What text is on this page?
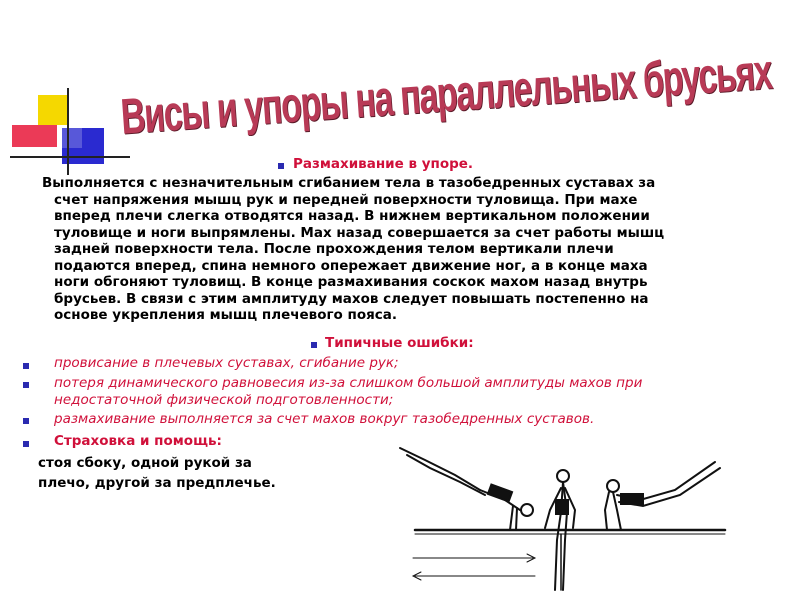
Висы и упоры на параллельных брусьях
Размахивание в упоре.
Выполняется с незначительным сгибанием тела в тазобедренных суставах за
счет напряжения мышц рук и передней поверхности туловища. При махе
вперед плечи слегка отводятся назад. В нижнем вертикальном положении
туловище и ноги выпрямлены. Мах назад совершается за счет работы мышц
задней поверхности тела. После прохождения телом вертикали плечи
подаются вперед, спина немного опережает движение ног, а в конце маха
ноги обгоняют туловищ. В конце размахивания соскок махом назад внутрь
брусьев. В связи с этим амплитуду махов следует повышать постепенно на
основе укрепления мышц плечевого пояса.
Типичные ошибки:
провисание в плечевых суставах, сгибание рук;
потеря динамического равновесия из-за слишком большой амплитуды махов при
недостаточной физической подготовленности;
размахивание выполняется за счет махов вокруг тазобедренных суставов.
Страховка и помощь:
стоя сбоку, одной рукой за
плечо, другой за предплечье.
